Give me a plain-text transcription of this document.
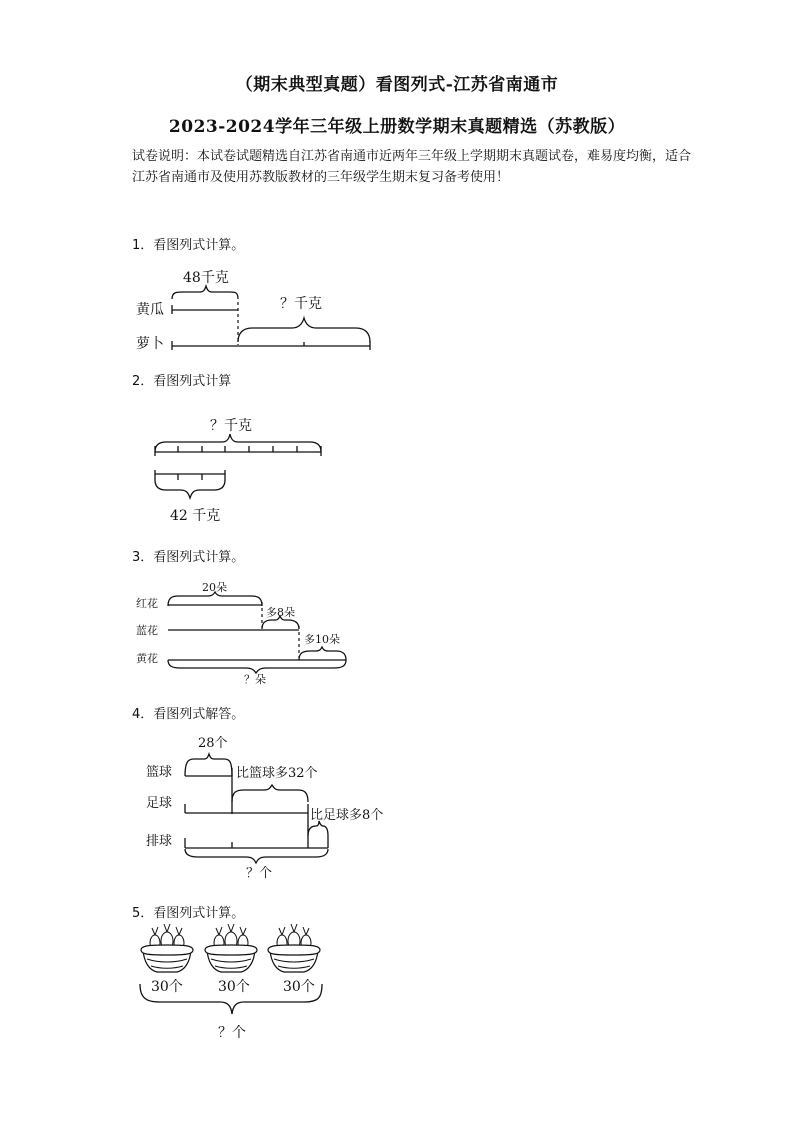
（期末典型真题）看图列式-江苏省南通市
2023-2024学年三年级上册数学期末真题精选（苏教版）
试卷说明：本试卷试题精选自江苏省南通市近两年三年级上学期期末真题试卷，难易度均衡，适合江苏省南通市及使用苏教版教材的三年级学生期末复习备考使用！
1．看图列式计算。
48千克
黄瓜	？千克
萝卜
2．看图列式计算
？千克
42 千克
3．看图列式计算。
20朵
红花
多8朵
蓝花
多10朵
黄花
？朵
4．看图列式解答。
28个
篮球	比篮球多32个
足球
比足球多8个
排球
？个
5．看图列式计算。
30个	30个 30个
？个
